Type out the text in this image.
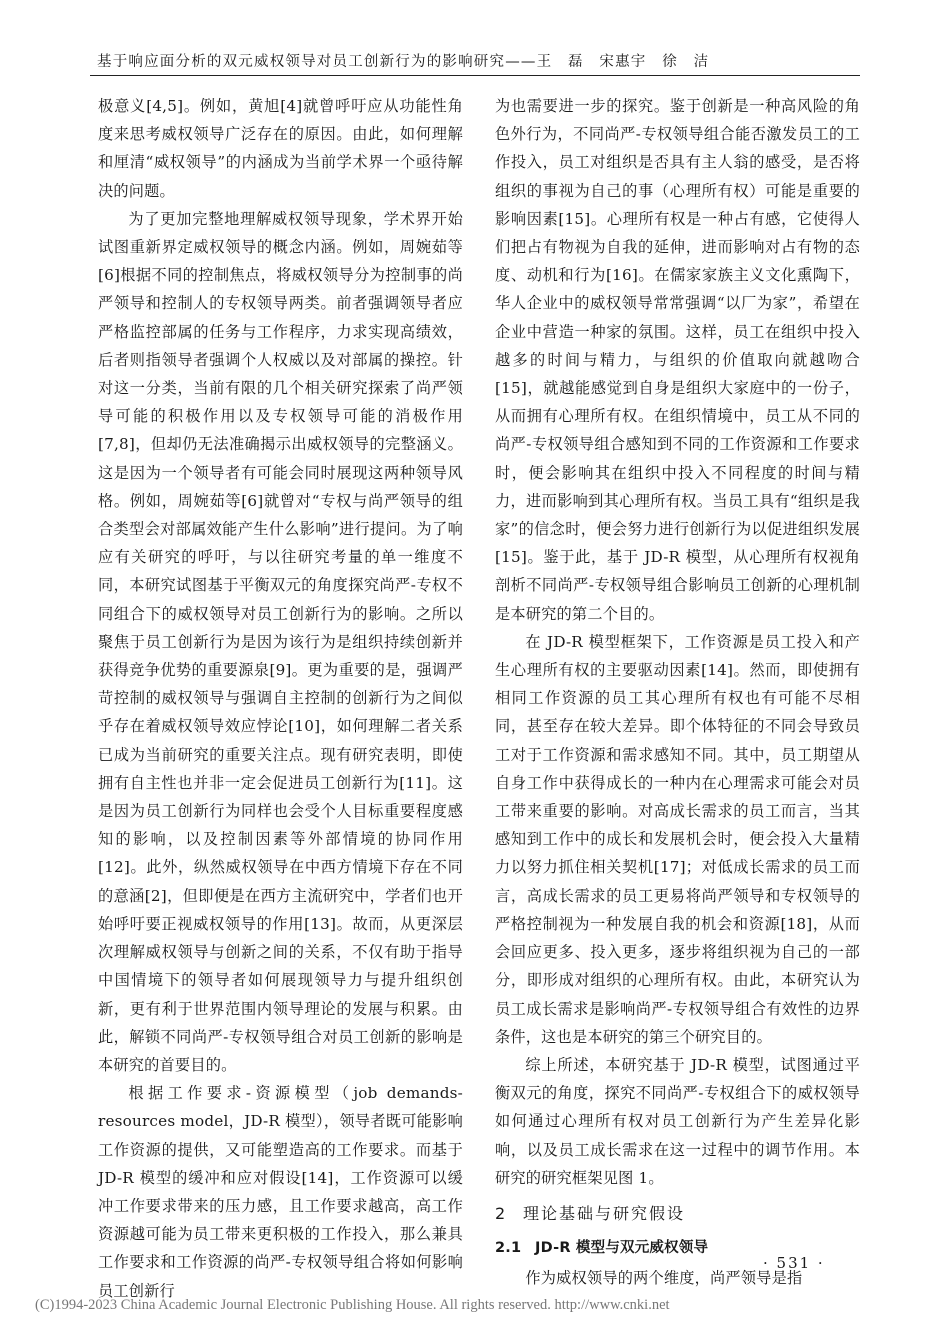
基于响应面分析的双元威权领导对员工创新行为的影响研究——王　磊　宋惠宇　徐　洁

极意义[4,5]。例如，黄旭[4]就曾呼吁应从功能性角度来思考威权领导广泛存在的原因。由此，如何理解和厘清“威权领导”的内涵成为当前学术界一个亟待解决的问题。

为了更加完整地理解威权领导现象，学术界开始试图重新界定威权领导的概念内涵。例如，周婉茹等[6]根据不同的控制焦点，将威权领导分为控制事的尚严领导和控制人的专权领导两类。前者强调领导者应严格监控部属的任务与工作程序，力求实现高绩效，后者则指领导者强调个人权威以及对部属的操控。针对这一分类，当前有限的几个相关研究探索了尚严领导可能的积极作用以及专权领导可能的消极作用[7,8]，但却仍无法准确揭示出威权领导的完整涵义。这是因为一个领导者有可能会同时展现这两种领导风格。例如，周婉茹等[6]就曾对“专权与尚严领导的组合类型会对部属效能产生什么影响”进行提问。为了响应有关研究的呼吁，与以往研究考量的单一维度不同，本研究试图基于平衡双元的角度探究尚严-专权不同组合下的威权领导对员工创新行为的影响。之所以聚焦于员工创新行为是因为该行为是组织持续创新并获得竞争优势的重要源泉[9]。更为重要的是，强调严苛控制的威权领导与强调自主控制的创新行为之间似乎存在着威权领导效应悖论[10]，如何理解二者关系已成为当前研究的重要关注点。现有研究表明，即使拥有自主性也并非一定会促进员工创新行为[11]。这是因为员工创新行为同样也会受个人目标重要程度感知的影响，以及控制因素等外部情境的协同作用[12]。此外，纵然威权领导在中西方情境下存在不同的意涵[2]，但即便是在西方主流研究中，学者们也开始呼吁要正视威权领导的作用[13]。故而，从更深层次理解威权领导与创新之间的关系，不仅有助于指导中国情境下的领导者如何展现领导力与提升组织创新，更有利于世界范围内领导理论的发展与积累。由此，解锁不同尚严-专权领导组合对员工创新的影响是本研究的首要目的。

根据工作要求-资源模型（job demands-resources model，JD-R 模型），领导者既可能影响工作资源的提供，又可能塑造高的工作要求。而基于 JD-R 模型的缓冲和应对假设[14]，工作资源可以缓冲工作要求带来的压力感，且工作要求越高，高工作资源越可能为员工带来更积极的工作投入，那么兼具工作要求和工作资源的尚严-专权领导组合将如何影响员工创新行

为也需要进一步的探究。鉴于创新是一种高风险的角色外行为，不同尚严-专权领导组合能否激发员工的工作投入，员工对组织是否具有主人翁的感受，是否将组织的事视为自己的事（心理所有权）可能是重要的影响因素[15]。心理所有权是一种占有感，它使得人们把占有物视为自我的延伸，进而影响对占有物的态度、动机和行为[16]。在儒家家族主义文化熏陶下，华人企业中的威权领导常常强调“以厂为家”，希望在企业中营造一种家的氛围。这样，员工在组织中投入越多的时间与精力，与组织的价值取向就越吻合[15]，就越能感觉到自身是组织大家庭中的一份子，从而拥有心理所有权。在组织情境中，员工从不同的尚严-专权领导组合感知到不同的工作资源和工作要求时，便会影响其在组织中投入不同程度的时间与精力，进而影响到其心理所有权。当员工具有“组织是我家”的信念时，便会努力进行创新行为以促进组织发展[15]。鉴于此，基于 JD-R 模型，从心理所有权视角剖析不同尚严-专权领导组合影响员工创新的心理机制是本研究的第二个目的。

在 JD-R 模型框架下，工作资源是员工投入和产生心理所有权的主要驱动因素[14]。然而，即使拥有相同工作资源的员工其心理所有权也有可能不尽相同，甚至存在较大差异。即个体特征的不同会导致员工对于工作资源和需求感知不同。其中，员工期望从自身工作中获得成长的一种内在心理需求可能会对员工带来重要的影响。对高成长需求的员工而言，当其感知到工作中的成长和发展机会时，便会投入大量精力以努力抓住相关契机[17]；对低成长需求的员工而言，高成长需求的员工更易将尚严领导和专权领导的严格控制视为一种发展自我的机会和资源[18]，从而会回应更多、投入更多，逐步将组织视为自己的一部分，即形成对组织的心理所有权。由此，本研究认为员工成长需求是影响尚严-专权领导组合有效性的边界条件，这也是本研究的第三个研究目的。

综上所述，本研究基于 JD-R 模型，试图通过平衡双元的角度，探究不同尚严-专权组合下的威权领导如何通过心理所有权对员工创新行为产生差异化影响，以及员工成长需求在这一过程中的调节作用。本研究的研究框架见图 1。

2 理论基础与研究假设
2.1 JD-R 模型与双元威权领导

作为威权领导的两个维度，尚严领导是指

· 531 ·
(C)1994-2023 China Academic Journal Electronic Publishing House. All rights reserved. http://www.cnki.net
